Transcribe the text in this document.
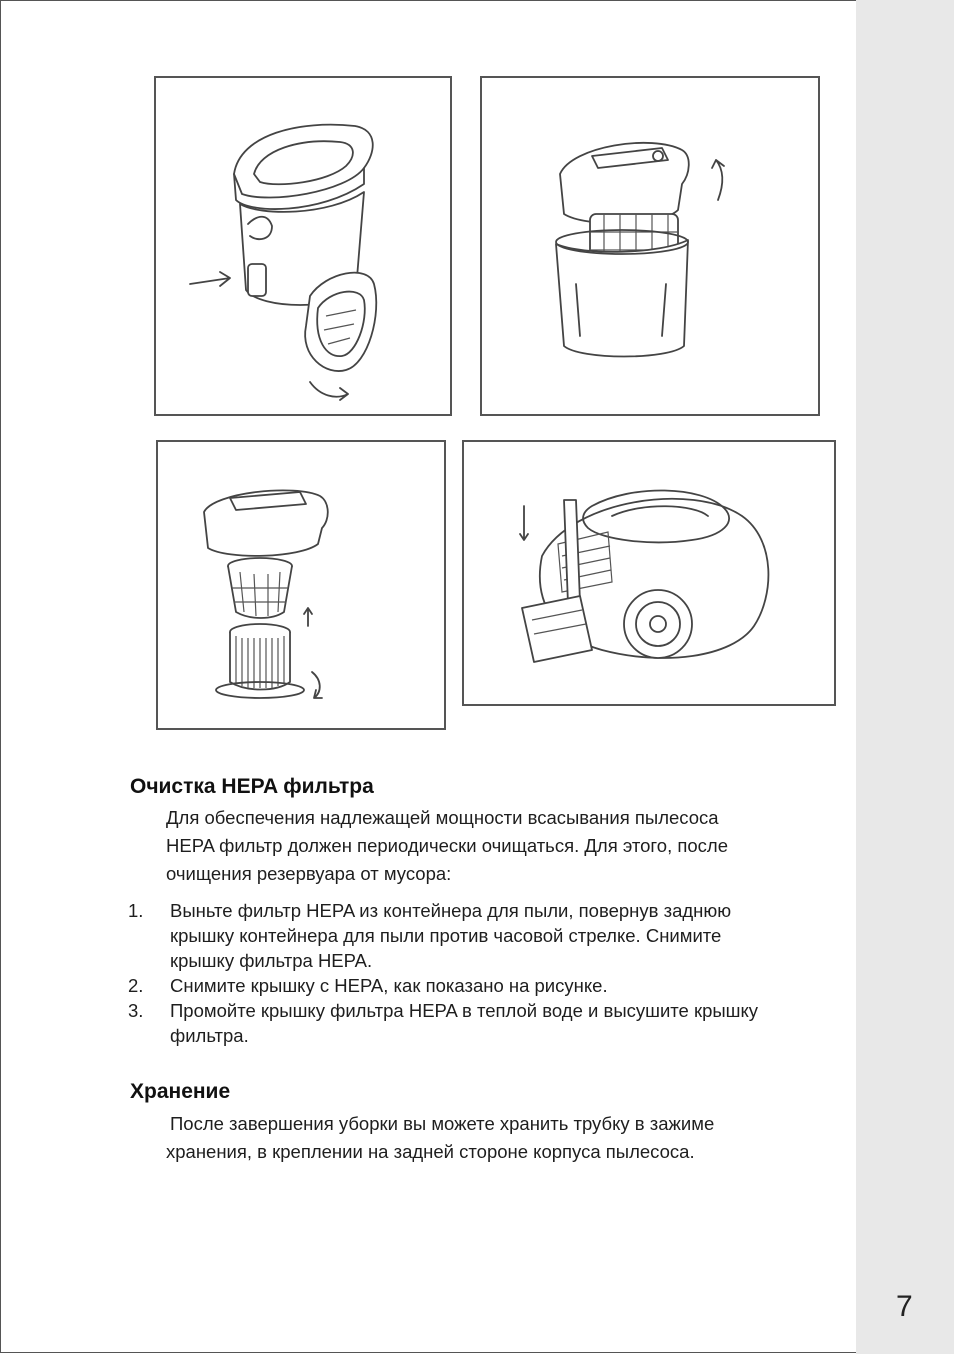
Очистка HEPA фильтра
Для обеспечения надлежащей мощности всасывания пылесоса
HEPA фильтр должен периодически очищаться. Для этого, после
очищения резервуара от мусора:
1. Выньте фильтр HEPA из контейнера для пыли, повернув заднюю
крышку контейнера для пыли против часовой стрелке. Снимите
крышку фильтра HEPA.
2. Снимите крышку с HEPA, как показано на рисунке.
3. Промойте крышку фильтра HEPA в теплой воде и высушите крышку
фильтра.
Хранение
После завершения уборки вы можете хранить трубку в зажиме
хранения, в креплении на задней стороне корпуса пылесоса.
7
